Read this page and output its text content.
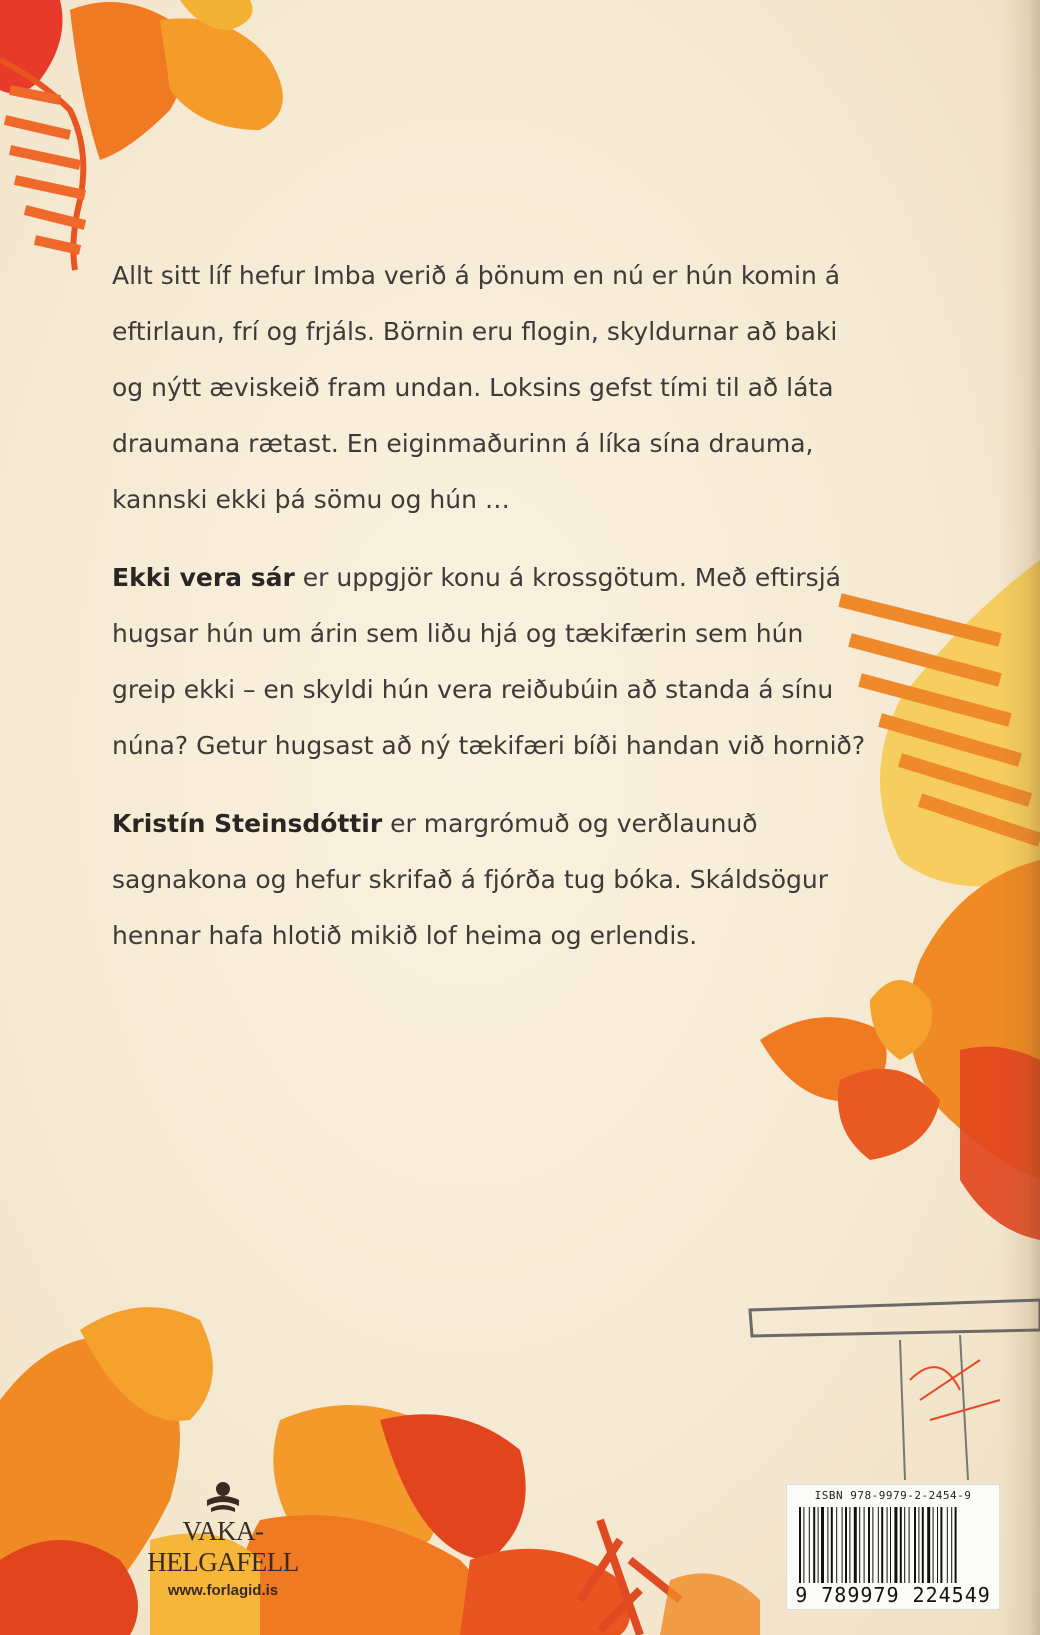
Allt sitt líf hefur Imba verið á þönum en nú er hún komin á eftirlaun, frí og frjáls. Börnin eru flogin, skyldurnar að baki og nýtt æviskeið fram undan. Loksins gefst tími til að láta draumana rætast. En eiginmaðurinn á líka sína drauma, kannski ekki þá sömu og hún …

Ekki vera sár er uppgjör konu á krossgötum. Með eftirsjá hugsar hún um árin sem liðu hjá og tækifærin sem hún greip ekki – en skyldi hún vera reiðubúin að standa á sínu núna? Getur hugsast að ný tækifæri bíði handan við hornið?

Kristín Steinsdóttir er margrómuð og verðlaunuð sagnakona og hefur skrifað á fjórða tug bóka. Skáldsögur hennar hafa hlotið mikið lof heima og erlendis.

VAKA-HELGAFELL
www.forlagid.is
ISBN 978-9979-2-2454-9
9 789979 224549
